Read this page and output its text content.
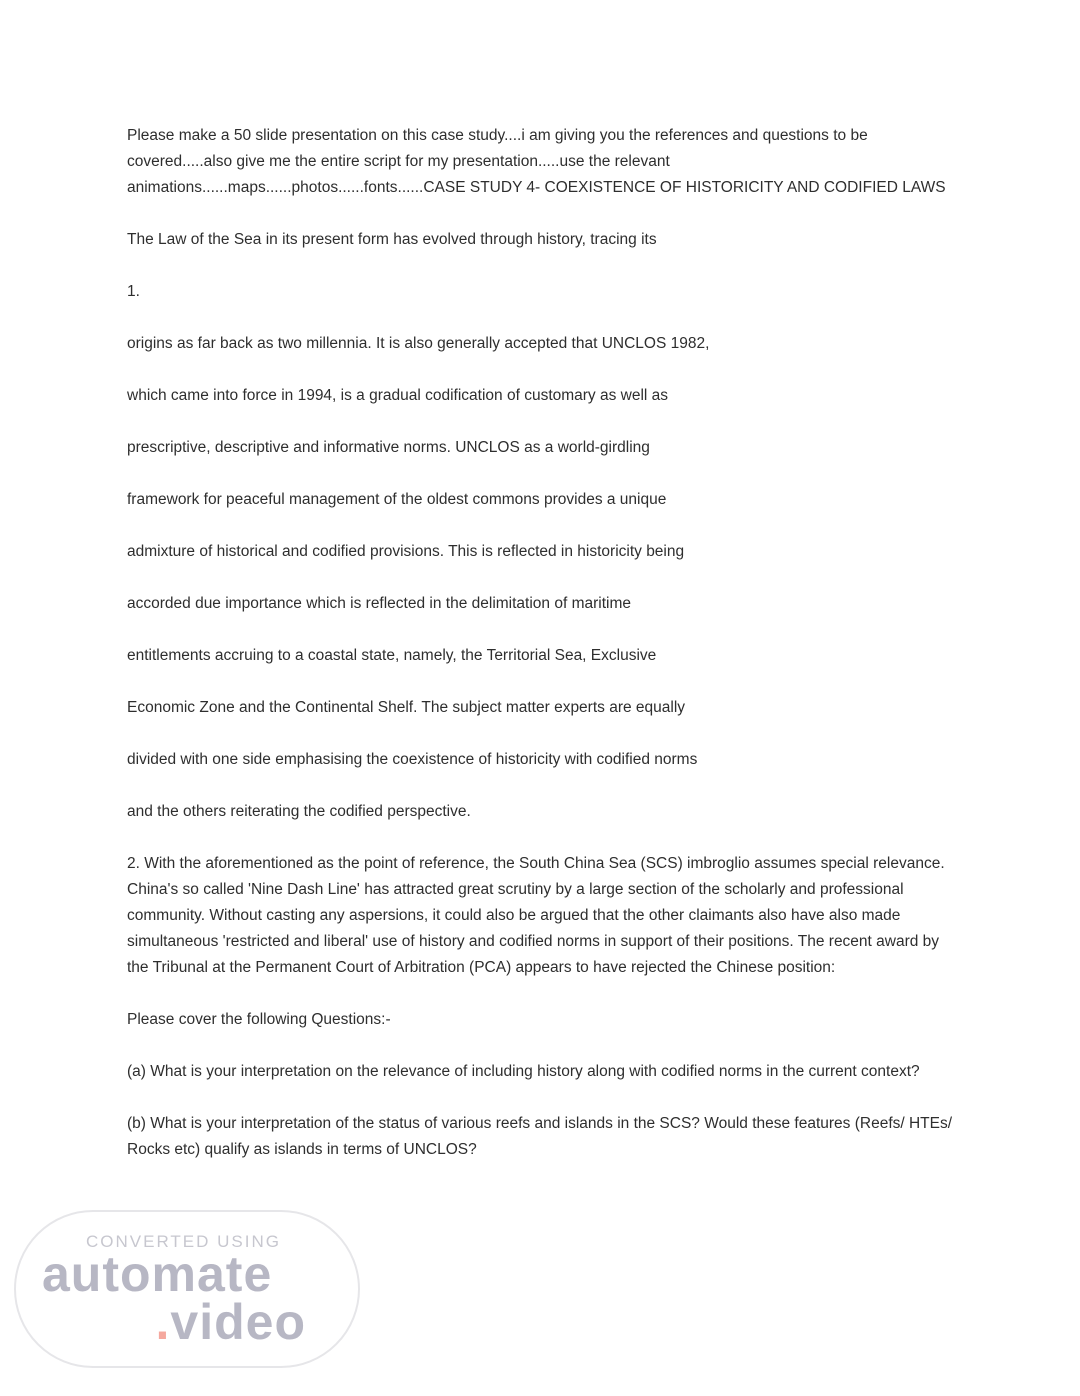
CONVERTED USING
automate
.video

Please make a 50 slide presentation on this case study....i am giving you the references and questions to be covered.....also give me the entire script for my presentation.....use the relevant animations......maps......photos......fonts......CASE STUDY 4- COEXISTENCE OF HISTORICITY AND CODIFIED LAWS

The Law of the Sea in its present form has evolved through history, tracing its

1.

origins as far back as two millennia. It is also generally accepted that UNCLOS 1982,

which came into force in 1994, is a gradual codification of customary as well as

prescriptive, descriptive and informative norms. UNCLOS as a world-girdling

framework for peaceful management of the oldest commons provides a unique

admixture of historical and codified provisions. This is reflected in historicity being

accorded due importance which is reflected in the delimitation of maritime

entitlements accruing to a coastal state, namely, the Territorial Sea, Exclusive

Economic Zone and the Continental Shelf. The subject matter experts are equally

divided with one side emphasising the coexistence of historicity with codified norms

and the others reiterating the codified perspective.

2. With the aforementioned as the point of reference, the South China Sea (SCS) imbroglio assumes special relevance. China's so called 'Nine Dash Line' has attracted great scrutiny by a large section of the scholarly and professional community. Without casting any aspersions, it could also be argued that the other claimants also have also made simultaneous 'restricted and liberal' use of history and codified norms in support of their positions. The recent award by the Tribunal at the Permanent Court of Arbitration (PCA) appears to have rejected the Chinese position:

Please cover the following Questions:-

(a) What is your interpretation on the relevance of including history along with codified norms in the current context?

(b) What is your interpretation of the status of various reefs and islands in the SCS? Would these features (Reefs/ HTEs/ Rocks etc) qualify as islands in terms of UNCLOS?
